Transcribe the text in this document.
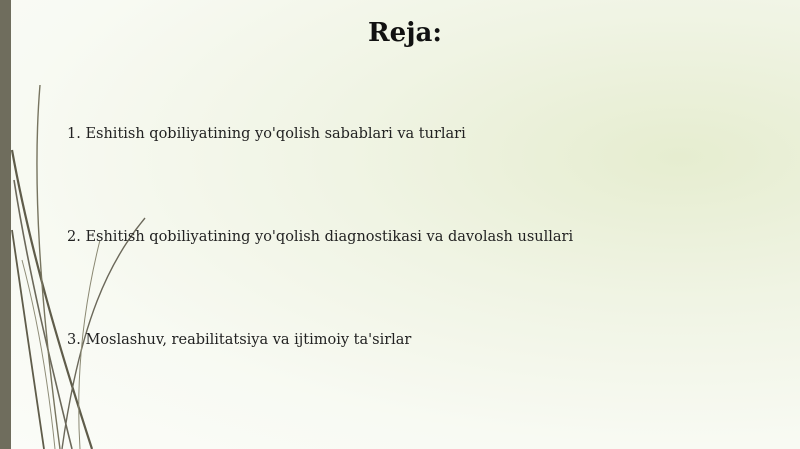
Reja:
1. Eshitish qobiliyatining yo'qolish sabablari va turlari
2. Eshitish qobiliyatining yo'qolish diagnostikasi va davolash usullari
3. Moslashuv, reabilitatsiya va ijtimoiy ta'sirlar
